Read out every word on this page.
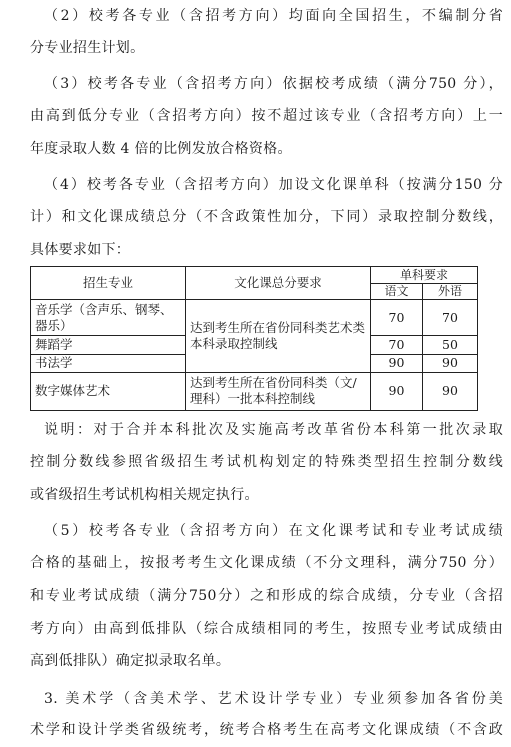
（2）校考各专业（含招考方向）均面向全国招生，不编制分省

分专业招生计划。

（3）校考各专业（含招考方向）依据校考成绩（满分750 分），

由高到低分专业（含招考方向）按不超过该专业（含招考方向）上一

年度录取人数 4 倍的比例发放合格资格。

（4）校考各专业（含招考方向）加设文化课单科（按满分150 分

计）和文化课成绩总分（不含政策性加分，下同）录取控制分数线，

具体要求如下：

招生专业	文化课总分要求	单科要求	
		语文	外语
音乐学（含声乐、钢琴、器乐）	达到考生所在省份同科类艺术类本科录取控制线	70	70
舞蹈学		70	50
书法学		90	90
数字媒体艺术	达到考生所在省份同科类（文/理科）一批本科控制线	90	90

说明：对于合并本科批次及实施高考改革省份本科第一批次录取

控制分数线参照省级招生考试机构划定的特殊类型招生控制分数线

或省级招生考试机构相关规定执行。

（5）校考各专业（含招考方向）在文化课考试和专业考试成绩

合格的基础上，按报考考生文化课成绩（不分文理科，满分750 分）

和专业考试成绩（满分750分）之和形成的综合成绩，分专业（含招

考方向）由高到低排队（综合成绩相同的考生，按照专业考试成绩由

高到低排队）确定拟录取名单。

3. 美术学（含美术学、艺术设计学专业）专业须参加各省份美

术学和设计学类省级统考，统考合格考生在高考文化课成绩（不含政
